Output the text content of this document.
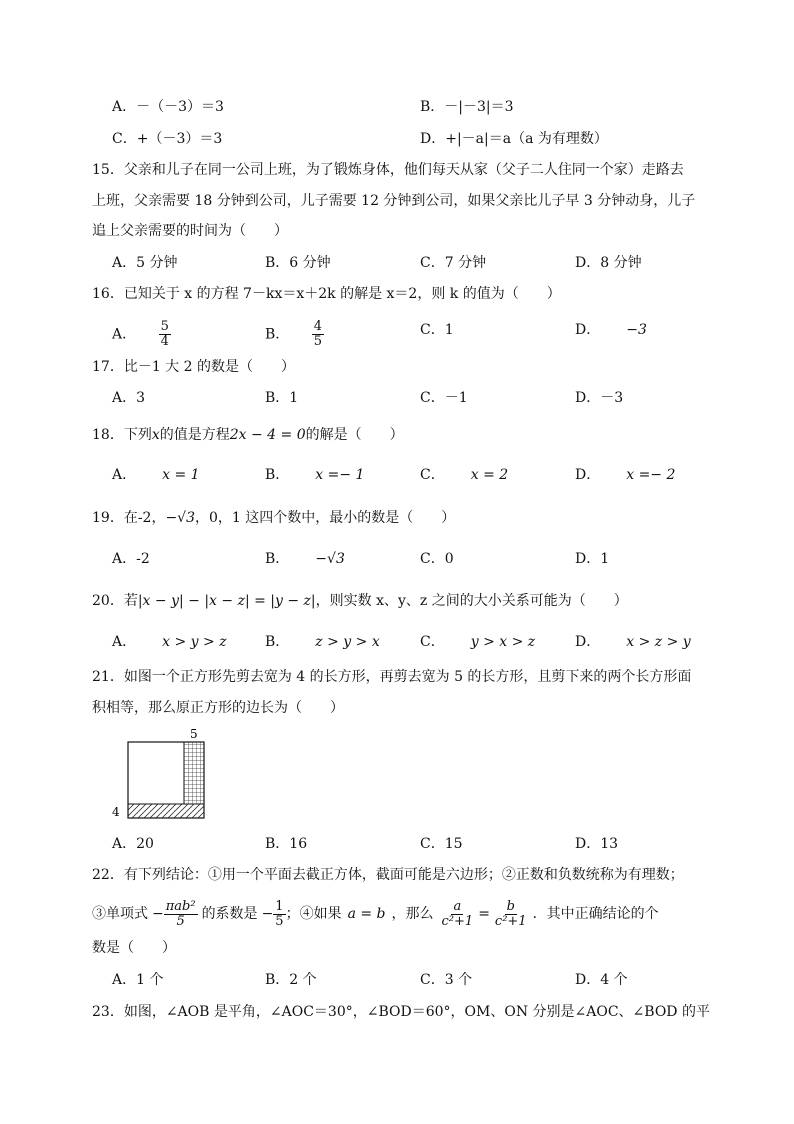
A．－（－3）＝3	B．－|－3|＝3
C．+（－3）＝3	D．+|－a|＝a（a 为有理数）
15．父亲和儿子在同一公司上班，为了锻炼身体，他们每天从家（父子二人住同一个家）走路去
上班，父亲需要 18 分钟到公司，儿子需要 12 分钟到公司，如果父亲比儿子早 3 分钟动身，儿子
追上父亲需要的时间为（　　）
A．5 分钟	B．6 分钟	C．7 分钟	D．8 分钟
16．已知关于 x 的方程 7－kx＝x＋2k 的解是 x＝2，则 k 的值为（　　）
A． $\frac{5}{4}$	B． $\frac{4}{5}$	C．1	D． −3
17．比－1 大 2 的数是（　　）
A．3	B．1	C．－1	D．－3
18．下列x的值是方程2x − 4 = 0的解是（　　）
A． x = 1	B． x =− 1	C． x = 2	D． x =− 2
19．在-2，−√3，0，1 这四个数中，最小的数是（　　）
A．-2	B． −√3	C．0	D．1
20．若|x − y| − |x − z| = |y − z|，则实数 x、y、z 之间的大小关系可能为（　　）
A． x > y > z	B． z > y > x	C． y > x > z	D． x > z > y
21．如图一个正方形先剪去宽为 4 的长方形，再剪去宽为 5 的长方形，且剪下来的两个长方形面
积相等，那么原正方形的边长为（　　）
5
4
A．20	B．16	C．15	D．13
22．有下列结论：①用一个平面去截正方体，截面可能是六边形；②正数和负数统称为有理数；
③单项式 − $\frac{\text{πab²}}{5}$ 的系数是 − $\frac{1}{5}$ ；④如果 a = b ，那么 $\frac{a}{\text{c²+1}} = \frac{b}{\text{c²+1}}$ ．其中正确结论的个
数是（　　）
A．1 个	B．2 个	C．3 个	D．4 个
23．如图，∠AOB 是平角，∠AOC＝30°，∠BOD＝60°，OM、ON 分别是∠AOC、∠BOD 的平
